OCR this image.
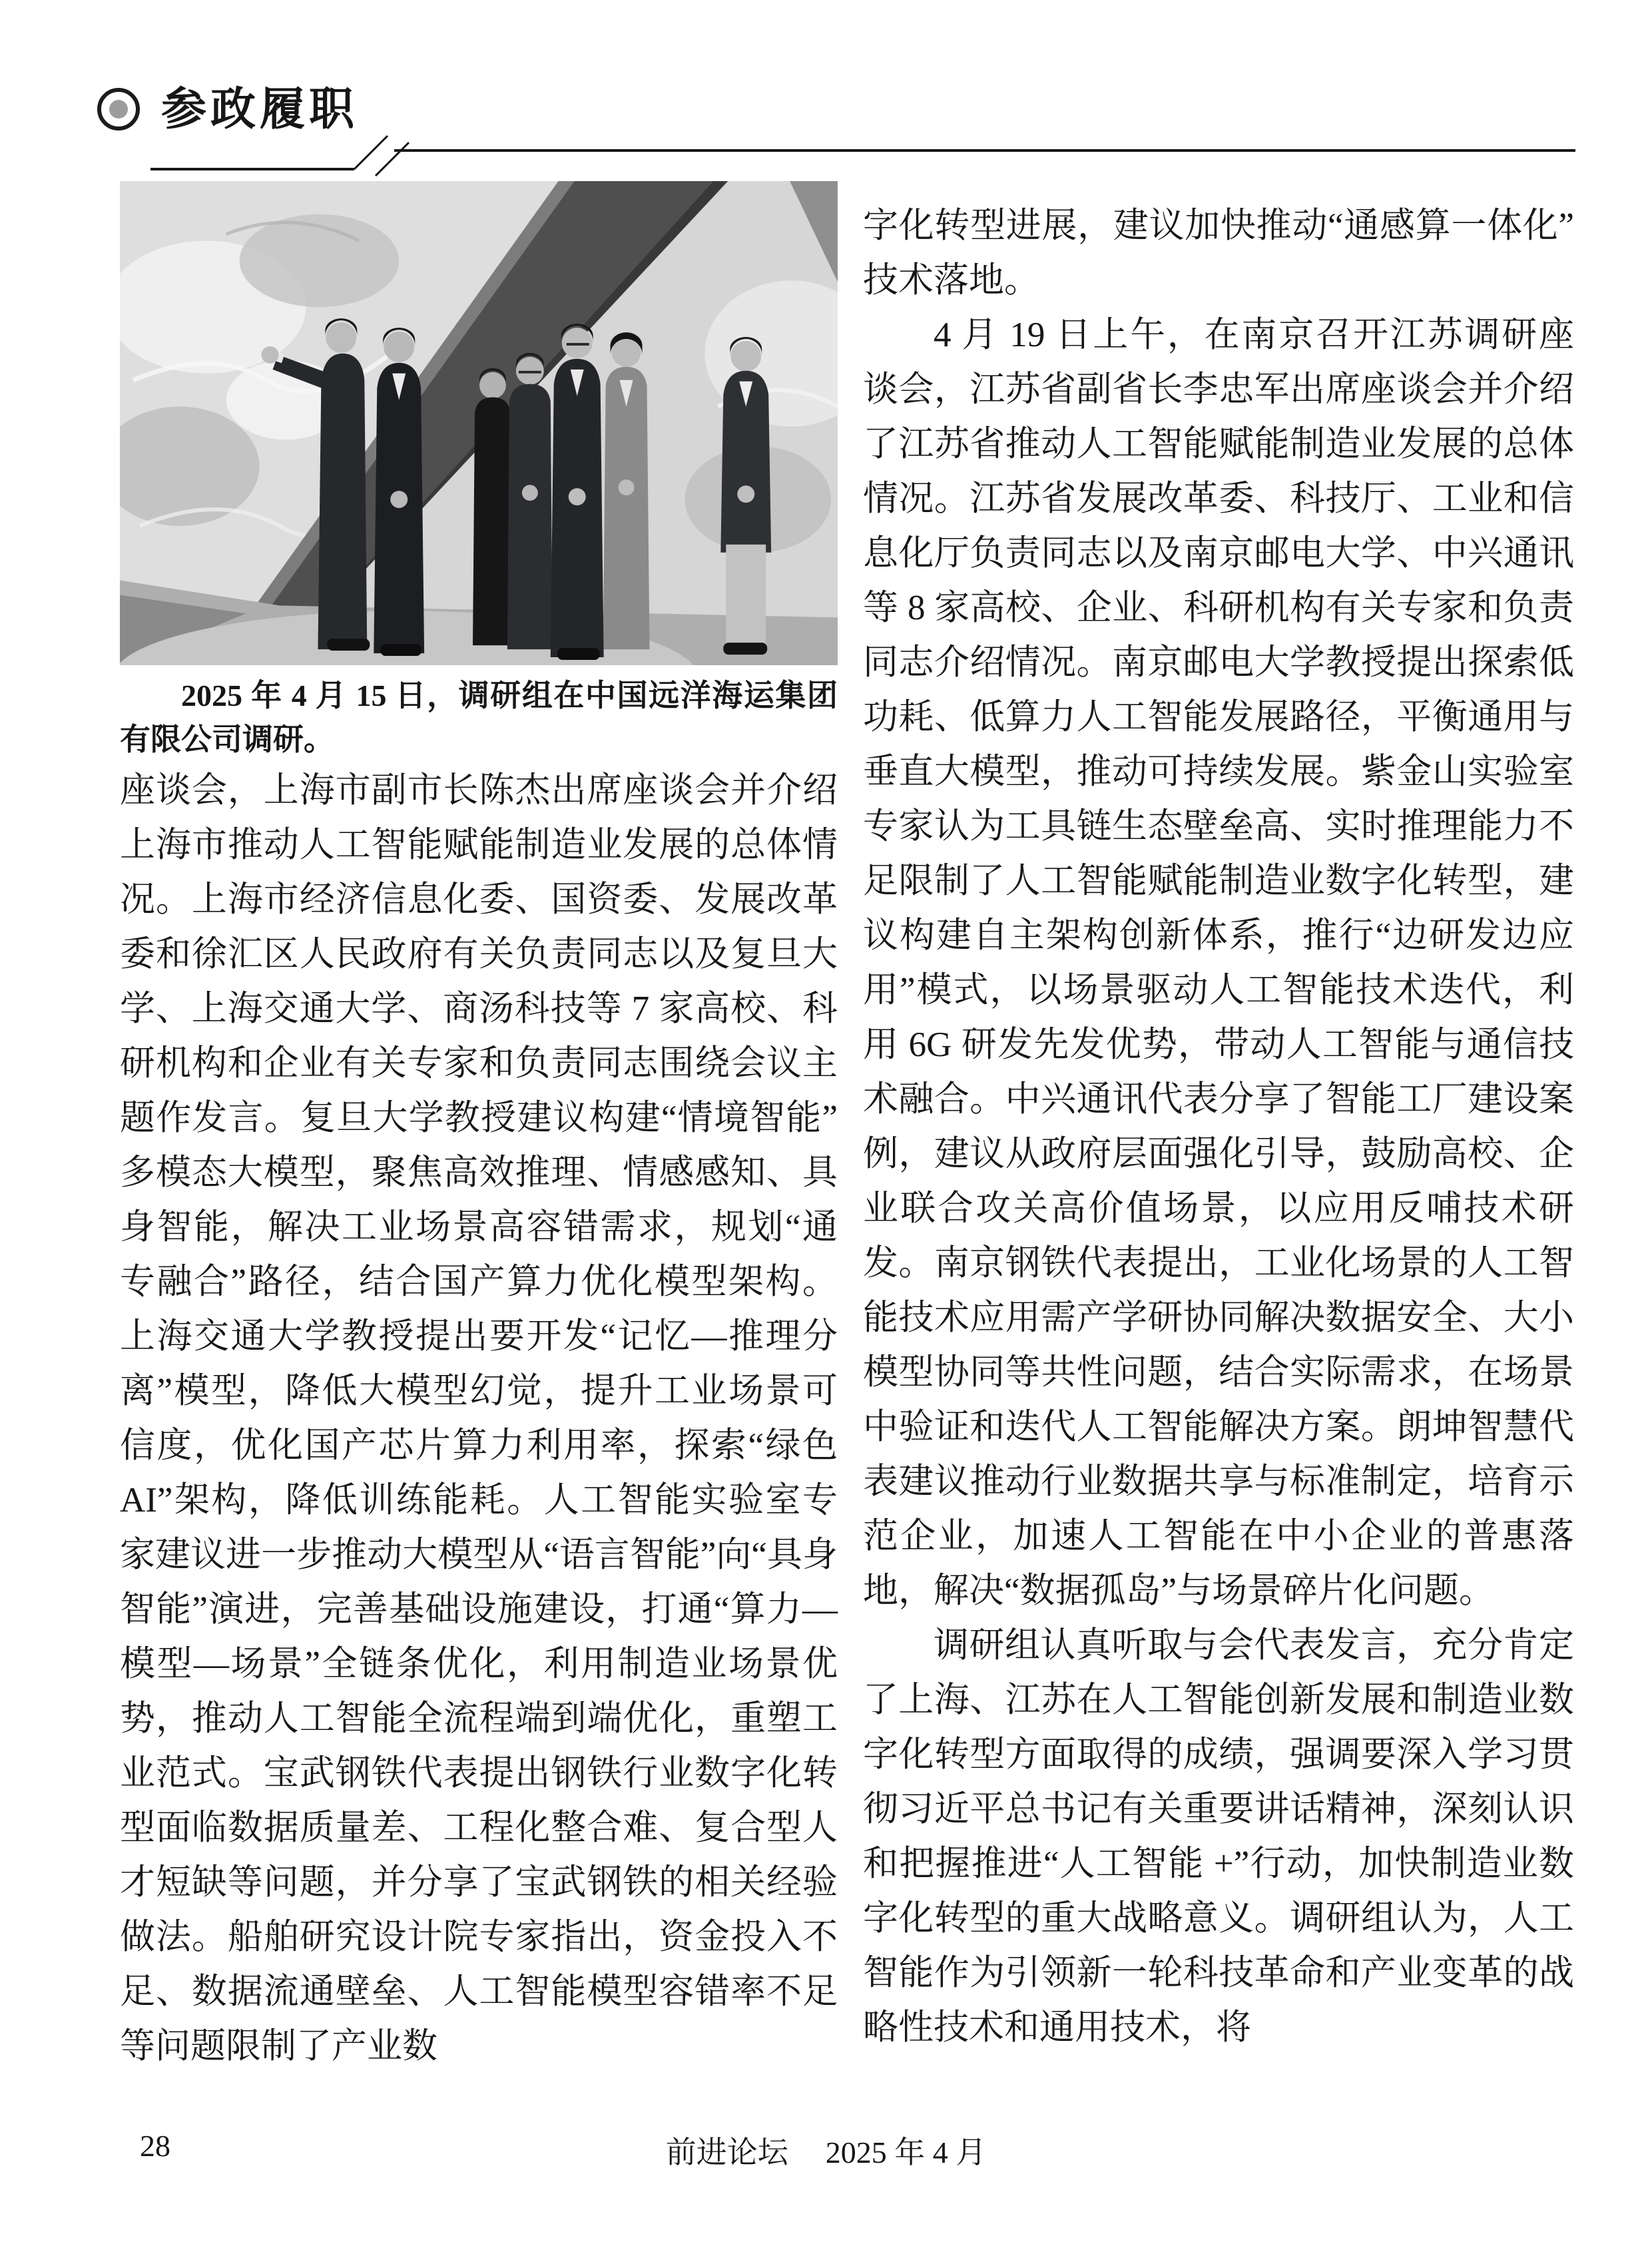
参政履职
2025 年 4 月 15 日，调研组在中国远洋海运集团有限公司调研。

座谈会，上海市副市长陈杰出席座谈会并介绍上海市推动人工智能赋能制造业发展的总体情况。上海市经济信息化委、国资委、发展改革委和徐汇区人民政府有关负责同志以及复旦大学、上海交通大学、商汤科技等 7 家高校、科研机构和企业有关专家和负责同志围绕会议主题作发言。复旦大学教授建议构建“情境智能”多模态大模型，聚焦高效推理、情感感知、具身智能，解决工业场景高容错需求，规划“通专融合”路径，结合国产算力优化模型架构。上海交通大学教授提出要开发“记忆—推理分离”模型，降低大模型幻觉，提升工业场景可信度，优化国产芯片算力利用率，探索“绿色 AI”架构，降低训练能耗。人工智能实验室专家建议进一步推动大模型从“语言智能”向“具身智能”演进，完善基础设施建设，打通“算力—模型—场景”全链条优化，利用制造业场景优势，推动人工智能全流程端到端优化，重塑工业范式。宝武钢铁代表提出钢铁行业数字化转型面临数据质量差、工程化整合难、复合型人才短缺等问题，并分享了宝武钢铁的相关经验做法。船舶研究设计院专家指出，资金投入不足、数据流通壁垒、人工智能模型容错率不足等问题限制了产业数

字化转型进展，建议加快推动“通感算一体化”技术落地。

4 月 19 日上午，在南京召开江苏调研座谈会，江苏省副省长李忠军出席座谈会并介绍了江苏省推动人工智能赋能制造业发展的总体情况。江苏省发展改革委、科技厅、工业和信息化厅负责同志以及南京邮电大学、中兴通讯等 8 家高校、企业、科研机构有关专家和负责同志介绍情况。南京邮电大学教授提出探索低功耗、低算力人工智能发展路径，平衡通用与垂直大模型，推动可持续发展。紫金山实验室专家认为工具链生态壁垒高、实时推理能力不足限制了人工智能赋能制造业数字化转型，建议构建自主架构创新体系，推行“边研发边应用”模式，以场景驱动人工智能技术迭代，利用 6G 研发先发优势，带动人工智能与通信技术融合。中兴通讯代表分享了智能工厂建设案例，建议从政府层面强化引导，鼓励高校、企业联合攻关高价值场景，以应用反哺技术研发。南京钢铁代表提出，工业化场景的人工智能技术应用需产学研协同解决数据安全、大小模型协同等共性问题，结合实际需求，在场景中验证和迭代人工智能解决方案。朗坤智慧代表建议推动行业数据共享与标准制定，培育示范企业，加速人工智能在中小企业的普惠落地，解决“数据孤岛”与场景碎片化问题。

调研组认真听取与会代表发言，充分肯定了上海、江苏在人工智能创新发展和制造业数字化转型方面取得的成绩，强调要深入学习贯彻习近平总书记有关重要讲话精神，深刻认识和把握推进“人工智能 +”行动，加快制造业数字化转型的重大战略意义。调研组认为，人工智能作为引领新一轮科技革命和产业变革的战略性技术和通用技术，将

28	前进论坛 2025 年 4 月
